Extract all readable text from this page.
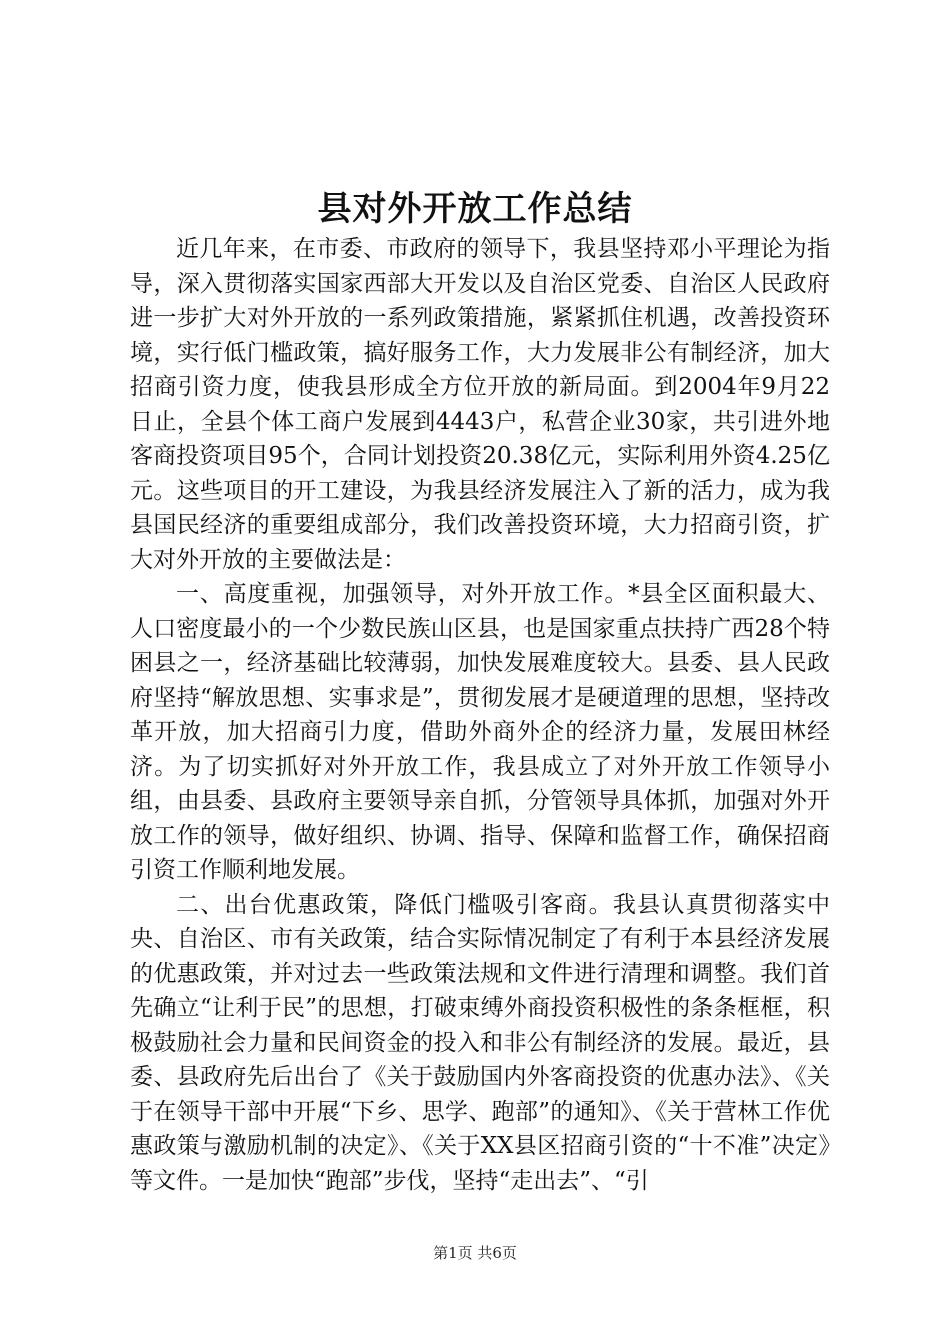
县对外开放工作总结

近几年来，在市委、市政府的领导下，我县坚持邓小平理论为指导，深入贯彻落实国家西部大开发以及自治区党委、自治区人民政府进一步扩大对外开放的一系列政策措施，紧紧抓住机遇，改善投资环境，实行低门槛政策，搞好服务工作，大力发展非公有制经济，加大招商引资力度，使我县形成全方位开放的新局面。到2004年9月22日止，全县个体工商户发展到4443户，私营企业30家，共引进外地客商投资项目95个，合同计划投资20.38亿元，实际利用外资4.25亿元。这些项目的开工建设，为我县经济发展注入了新的活力，成为我县国民经济的重要组成部分，我们改善投资环境，大力招商引资，扩大对外开放的主要做法是：

一、高度重视，加强领导，对外开放工作。*县全区面积最大、人口密度最小的一个少数民族山区县，也是国家重点扶持广西28个特困县之一，经济基础比较薄弱，加快发展难度较大。县委、县人民政府坚持“解放思想、实事求是”，贯彻发展才是硬道理的思想，坚持改革开放，加大招商引力度，借助外商外企的经济力量，发展田林经济。为了切实抓好对外开放工作，我县成立了对外开放工作领导小组，由县委、县政府主要领导亲自抓，分管领导具体抓，加强对外开放工作的领导，做好组织、协调、指导、保障和监督工作，确保招商引资工作顺利地发展。

二、出台优惠政策，降低门槛吸引客商。我县认真贯彻落实中央、自治区、市有关政策，结合实际情况制定了有利于本县经济发展的优惠政策，并对过去一些政策法规和文件进行清理和调整。我们首先确立“让利于民”的思想，打破束缚外商投资积极性的条条框框，积极鼓励社会力量和民间资金的投入和非公有制经济的发展。最近，县委、县政府先后出台了《关于鼓励国内外客商投资的优惠办法》、《关于在领导干部中开展“下乡、思学、跑部”的通知》、《关于营林工作优惠政策与激励机制的决定》、《关于XX县区招商引资的“十不准”决定》等文件。一是加快“跑部”步伐，坚持“走出去”、“引

第1页 共6页
